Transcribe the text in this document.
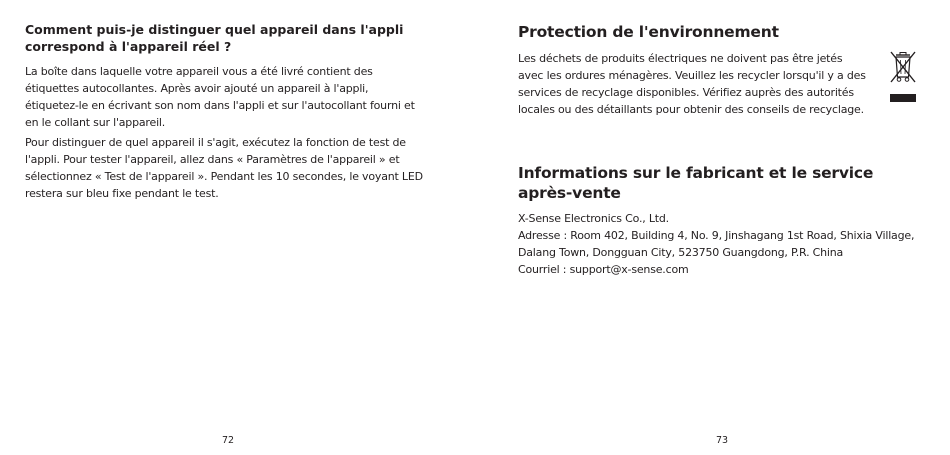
Comment puis-je distinguer quel appareil dans l'appli correspond à l'appareil réel ?

La boîte dans laquelle votre appareil vous a été livré contient des étiquettes autocollantes. Après avoir ajouté un appareil à l'appli, étiquetez-le en écrivant son nom dans l'appli et sur l'autocollant fourni et en le collant sur l'appareil.

Pour distinguer de quel appareil il s'agit, exécutez la fonction de test de l'appli. Pour tester l'appareil, allez dans « Paramètres de l'appareil » et sélectionnez « Test de l'appareil ». Pendant les 10 secondes, le voyant LED restera sur bleu fixe pendant le test.

72

Protection de l'environnement

Les déchets de produits électriques ne doivent pas être jetés avec les ordures ménagères. Veuillez les recycler lorsqu'il y a des services de recyclage disponibles. Vérifiez auprès des autorités locales ou des détaillants pour obtenir des conseils de recyclage.

Informations sur le fabricant et le service après-vente

X-Sense Electronics Co., Ltd.

Adresse : Room 402, Building 4, No. 9, Jinshagang 1st Road, Shixia Village, Dalang Town, Dongguan City, 523750 Guangdong, P.R. China

Courriel : support@x-sense.com

73
